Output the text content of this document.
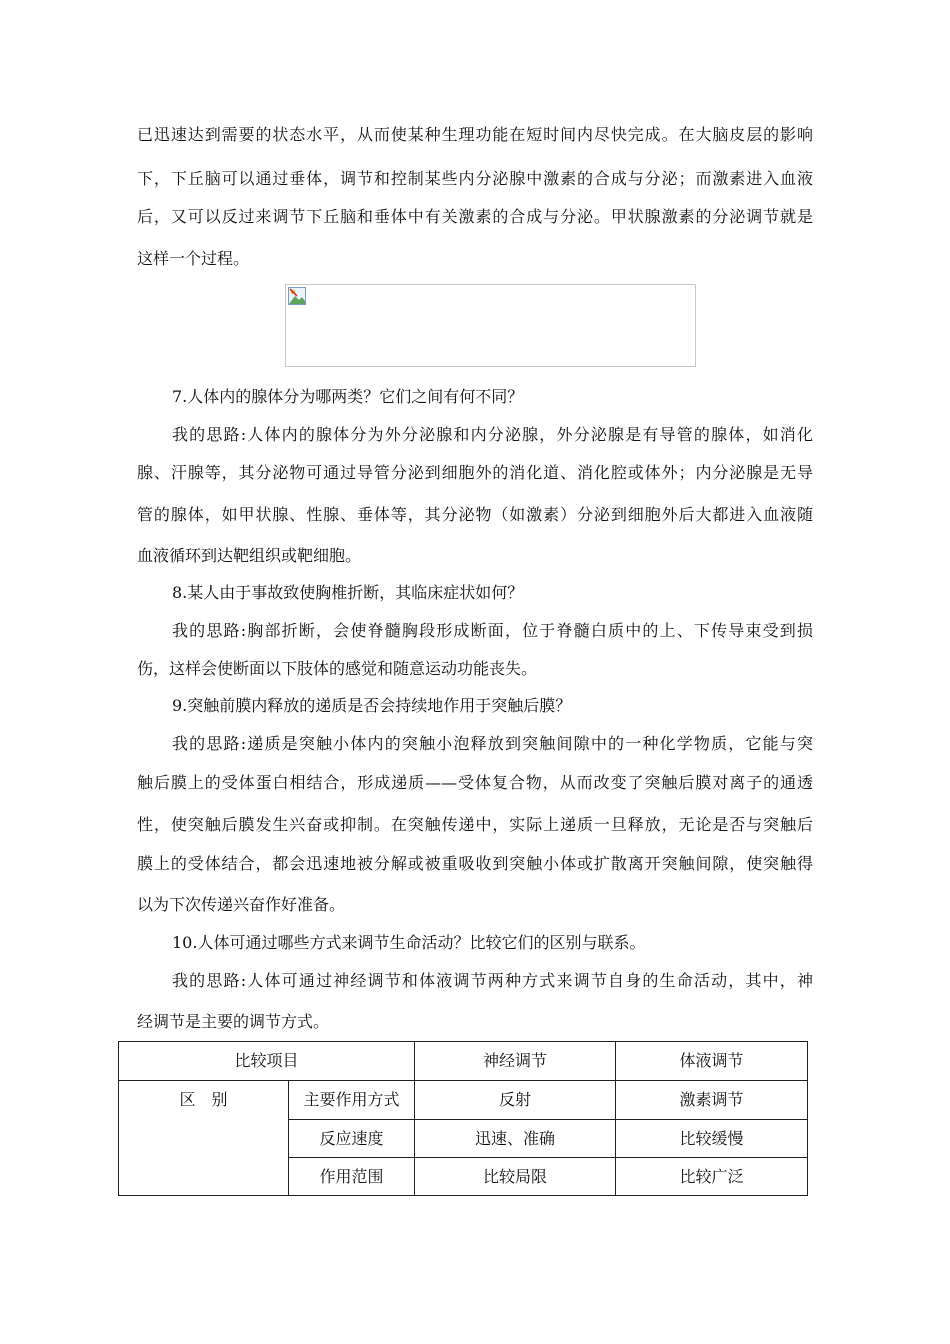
已迅速达到需要的状态水平，从而使某种生理功能在短时间内尽快完成。在大脑皮层的影响
下，下丘脑可以通过垂体，调节和控制某些内分泌腺中激素的合成与分泌；而激素进入血液
后，又可以反过来调节下丘脑和垂体中有关激素的合成与分泌。甲状腺激素的分泌调节就是
这样一个过程。
7.人体内的腺体分为哪两类？它们之间有何不同？
我的思路:人体内的腺体分为外分泌腺和内分泌腺，外分泌腺是有导管的腺体，如消化
腺、汗腺等，其分泌物可通过导管分泌到细胞外的消化道、消化腔或体外；内分泌腺是无导
管的腺体，如甲状腺、性腺、垂体等，其分泌物（如激素）分泌到细胞外后大都进入血液随
血液循环到达靶组织或靶细胞。
8.某人由于事故致使胸椎折断，其临床症状如何？
我的思路:胸部折断，会使脊髓胸段形成断面，位于脊髓白质中的上、下传导束受到损
伤，这样会使断面以下肢体的感觉和随意运动功能丧失。
9.突触前膜内释放的递质是否会持续地作用于突触后膜？
我的思路:递质是突触小体内的突触小泡释放到突触间隙中的一种化学物质，它能与突
触后膜上的受体蛋白相结合，形成递质——受体复合物，从而改变了突触后膜对离子的通透
性，使突触后膜发生兴奋或抑制。在突触传递中，实际上递质一旦释放，无论是否与突触后
膜上的受体结合，都会迅速地被分解或被重吸收到突触小体或扩散离开突触间隙，使突触得
以为下次传递兴奋作好准备。
10.人体可通过哪些方式来调节生命活动？比较它们的区别与联系。
我的思路:人体可通过神经调节和体液调节两种方式来调节自身的生命活动，其中，神
经调节是主要的调节方式。
比较项目		神经调节	体液调节
区　别	主要作用方式	反射	激素调节
	反应速度	迅速、准确	比较缓慢
	作用范围	比较局限	比较广泛
